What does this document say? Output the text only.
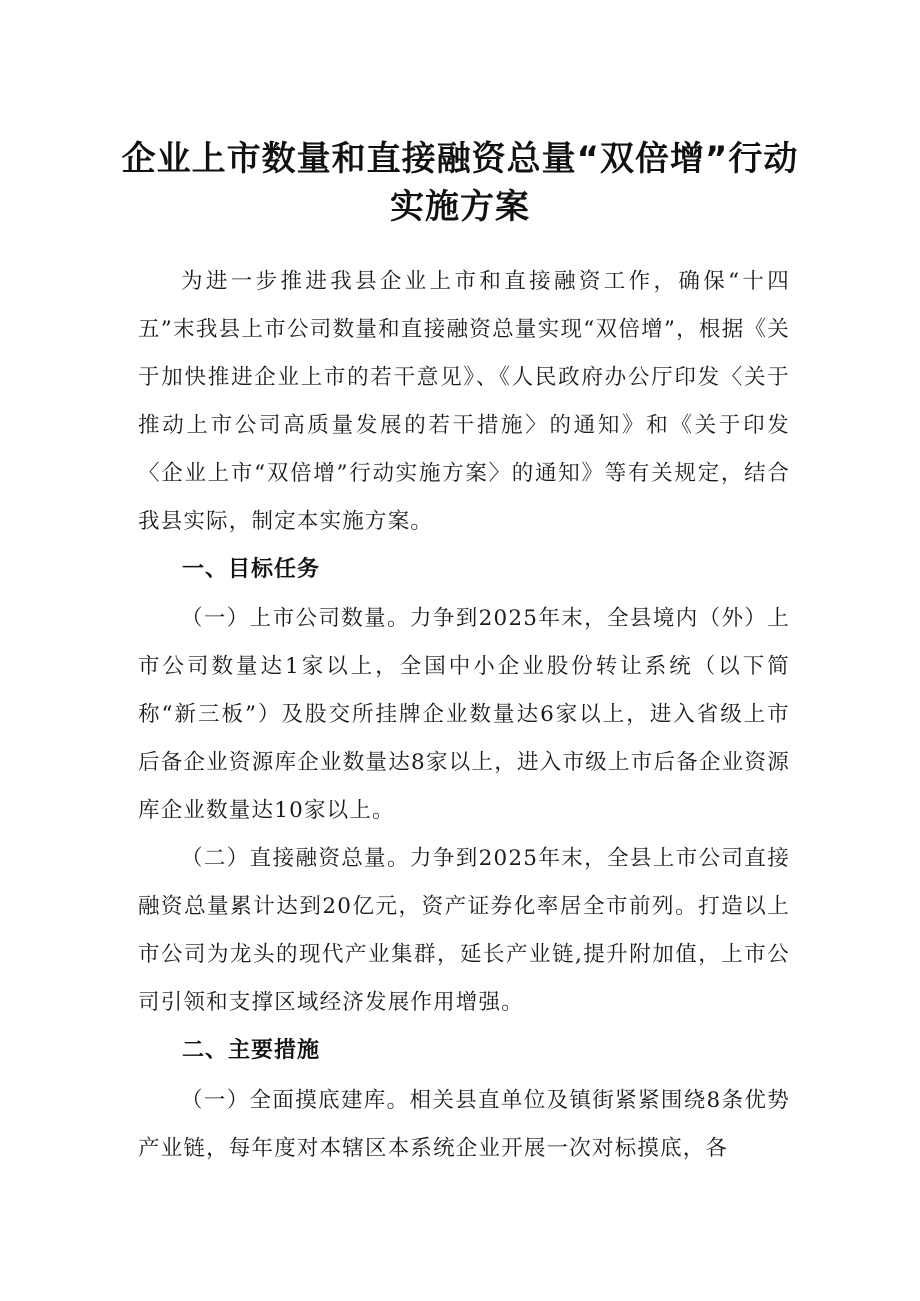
企业上市数量和直接融资总量“双倍增”行动
实施方案

为进一步推进我县企业上市和直接融资工作，确保“十四五”末我县上市公司数量和直接融资总量实现“双倍增”，根据《关于加快推进企业上市的若干意见》、《人民政府办公厅印发〈关于推动上市公司高质量发展的若干措施〉的通知》和《关于印发〈企业上市“双倍增”行动实施方案〉的通知》等有关规定，结合我县实际，制定本实施方案。

一、目标任务

（一）上市公司数量。力争到2025年末，全县境内（外）上市公司数量达1家以上，全国中小企业股份转让系统（以下简称“新三板”）及股交所挂牌企业数量达6家以上，进入省级上市后备企业资源库企业数量达8家以上，进入市级上市后备企业资源库企业数量达10家以上。

（二）直接融资总量。力争到2025年末，全县上市公司直接融资总量累计达到20亿元，资产证券化率居全市前列。打造以上市公司为龙头的现代产业集群，延长产业链,提升附加值，上市公司引领和支撑区域经济发展作用增强。

二、主要措施

（一）全面摸底建库。相关县直单位及镇街紧紧围绕8条优势产业链，每年度对本辖区本系统企业开展一次对标摸底，各
